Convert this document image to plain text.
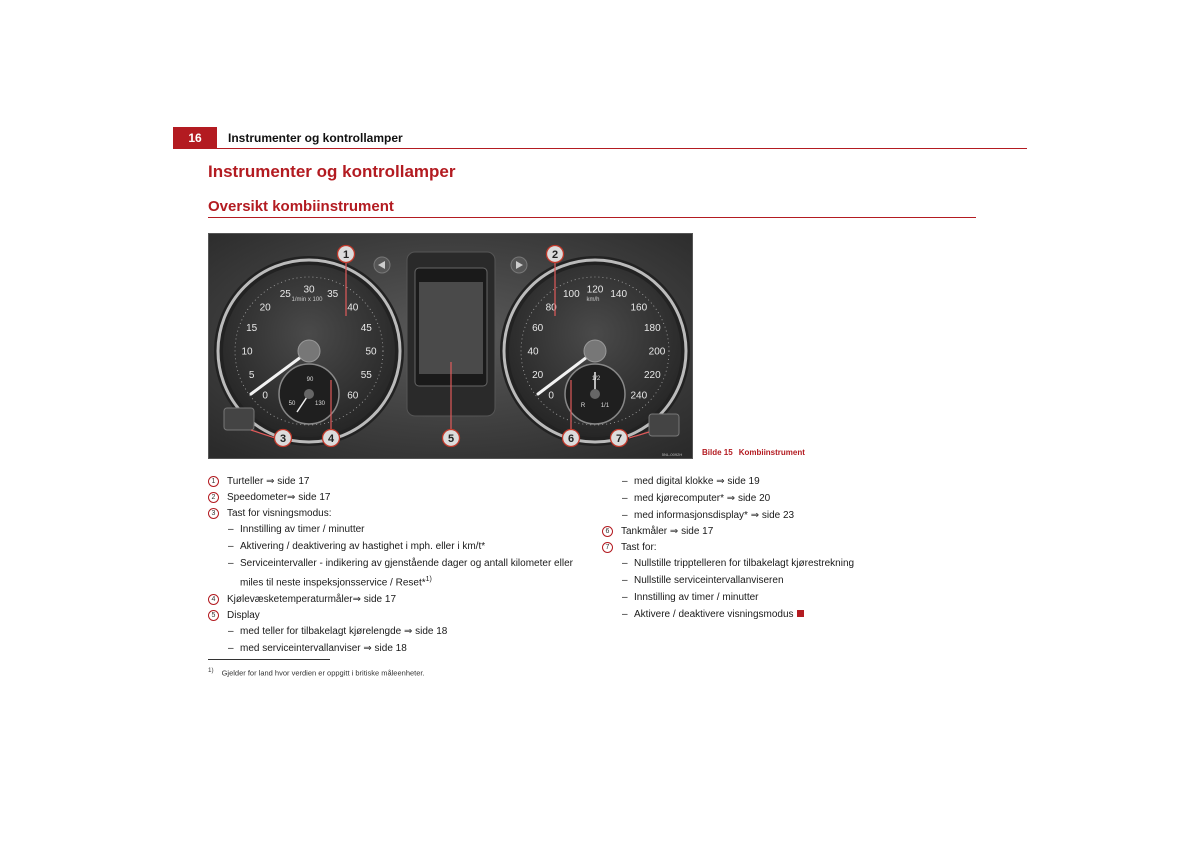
16	Instrumenter og kontrollamper
Instrumenter og kontrollamper
Oversikt kombiinstrument
0
5
10
15
20
25 30 35
40
45
50
55
60
1/min x 100
90
130
50
0
20
40
60
80
100 120 140
160
180
200
220
240
km/h
1/2
R	1/1
1	2
3	4	5	6	7
5NL-0092H Bilde 15 Kombiinstrument
1	Turteller ⇒ side 17
2	Speedometer⇒ side 17
3	Tast for visningsmodus:
– Innstilling av timer / minutter
– Aktivering / deaktivering av hastighet i mph. eller i km/t*
– Serviceintervaller - indikering av gjenstående dager og antall kilometer eller
miles til neste inspeksjonsservice / Reset*$^{1)}$
4	Kjølevæsketemperaturmåler⇒ side 17
5	Display
– med teller for tilbakelagt kjørelengde ⇒ side 18
– med serviceintervallanviser ⇒ side 18
– med digital klokke ⇒ side 19
– med kjørecomputer* ⇒ side 20
– med informasjonsdisplay* ⇒ side 23
6	Tankmåler ⇒ side 17
7	Tast for:
– Nullstille tripptelleren for tilbakelagt kjørestrekning
– Nullstille serviceintervallanviseren
– Innstilling av timer / minutter
– Aktivere / deaktivere visningsmodus
$^{1)}$ Gjelder for land hvor verdien er oppgitt i britiske måleenheter.
